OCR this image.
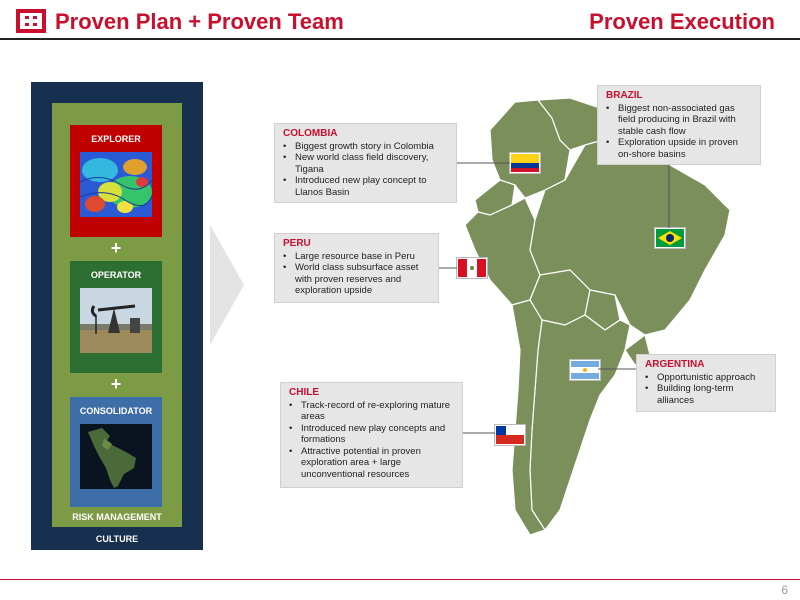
Proven Plan + Proven Team	Proven Execution
EXPLORER
+
OPERATOR
+
CONSOLIDATOR
RISK MANAGEMENT
CULTURE
COLOMBIA
• Biggest growth story in Colombia
• New world class field discovery, Tigana
• Introduced new play concept to Llanos Basin
PERU
• Large resource base in Peru
• World class subsurface asset with proven reserves and exploration upside
CHILE
• Track-record of re-exploring mature areas
• Introduced new play concepts and formations
• Attractive potential in proven exploration area + large unconventional resources
BRAZIL
• Biggest non-associated gas field producing in Brazil with stable cash flow
• Exploration upside in proven on-shore basins
ARGENTINA
• Opportunistic approach
• Building long-term alliances
6
